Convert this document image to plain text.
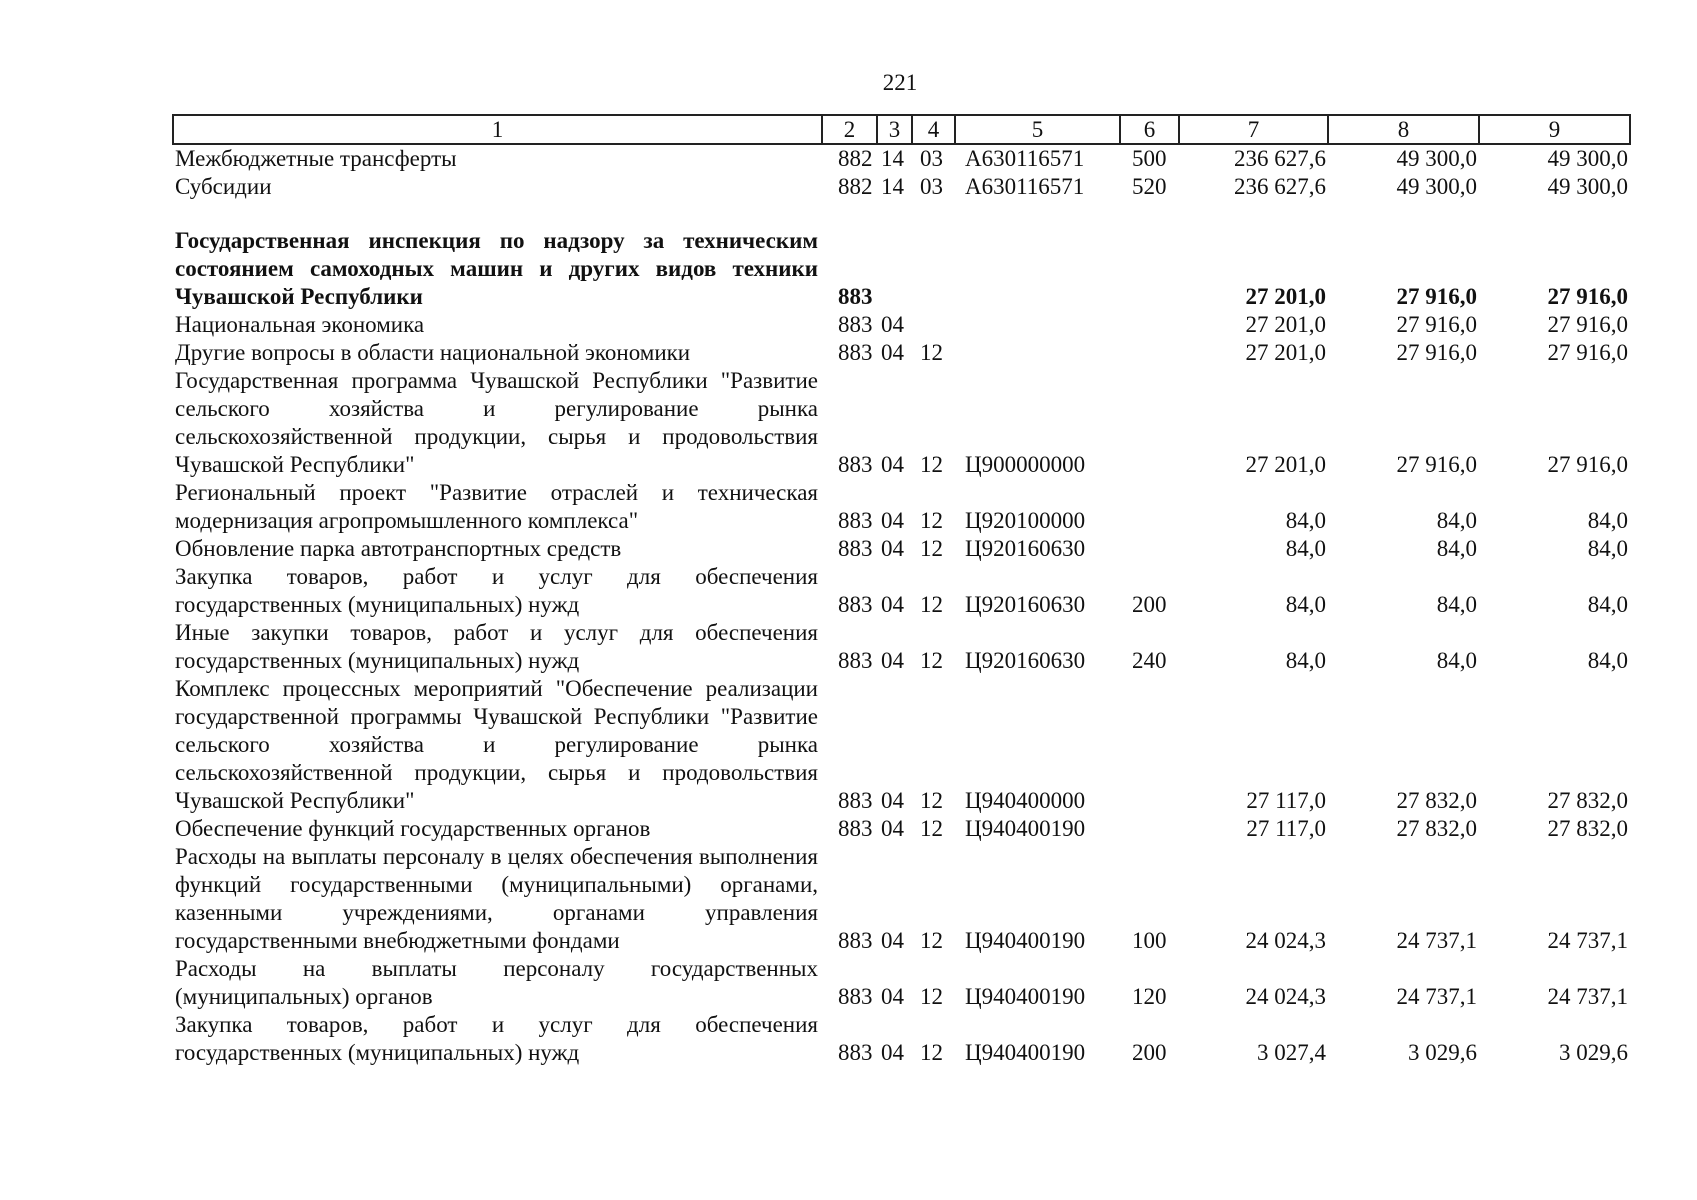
221
1	2	3	4	5	6	7	8	9
Межбюджетные трансферты	882	14	03	А630116571	500	236 627,6	49 300,0	49 300,0
Субсидии	882	14	03	А630116571	520	236 627,6	49 300,0	49 300,0

Государственная инспекция по надзору за техническим состоянием самоходных машин и других видов техники Чувашской Республики	883					27 201,0	27 916,0	27 916,0
Национальная экономика	883	04				27 201,0	27 916,0	27 916,0
Другие вопросы в области национальной экономики	883	04	12			27 201,0	27 916,0	27 916,0
Государственная программа Чувашской Республики "Развитие сельского хозяйства и регулирование рынка сельскохозяйственной продукции, сырья и продовольствия Чувашской Республики"	883	04	12	Ц900000000		27 201,0	27 916,0	27 916,0
Региональный проект "Развитие отраслей и техническая модернизация агропромышленного комплекса"	883	04	12	Ц920100000		84,0	84,0	84,0
Обновление парка автотранспортных средств	883	04	12	Ц920160630		84,0	84,0	84,0
Закупка товаров, работ и услуг для обеспечения государственных (муниципальных) нужд	883	04	12	Ц920160630	200	84,0	84,0	84,0
Иные закупки товаров, работ и услуг для обеспечения государственных (муниципальных) нужд	883	04	12	Ц920160630	240	84,0	84,0	84,0
Комплекс процессных мероприятий "Обеспечение реализации государственной программы Чувашской Республики "Развитие сельского хозяйства и регулирование рынка сельскохозяйственной продукции, сырья и продовольствия Чувашской Республики"	883	04	12	Ц940400000		27 117,0	27 832,0	27 832,0
Обеспечение функций государственных органов	883	04	12	Ц940400190		27 117,0	27 832,0	27 832,0
Расходы на выплаты персоналу в целях обеспечения выполнения функций государственными (муниципальными) органами, казенными учреждениями, органами управления государственными внебюджетными фондами	883	04	12	Ц940400190	100	24 024,3	24 737,1	24 737,1
Расходы на выплаты персоналу государственных (муниципальных) органов	883	04	12	Ц940400190	120	24 024,3	24 737,1	24 737,1
Закупка товаров, работ и услуг для обеспечения государственных (муниципальных) нужд	883	04	12	Ц940400190	200	3 027,4	3 029,6	3 029,6
